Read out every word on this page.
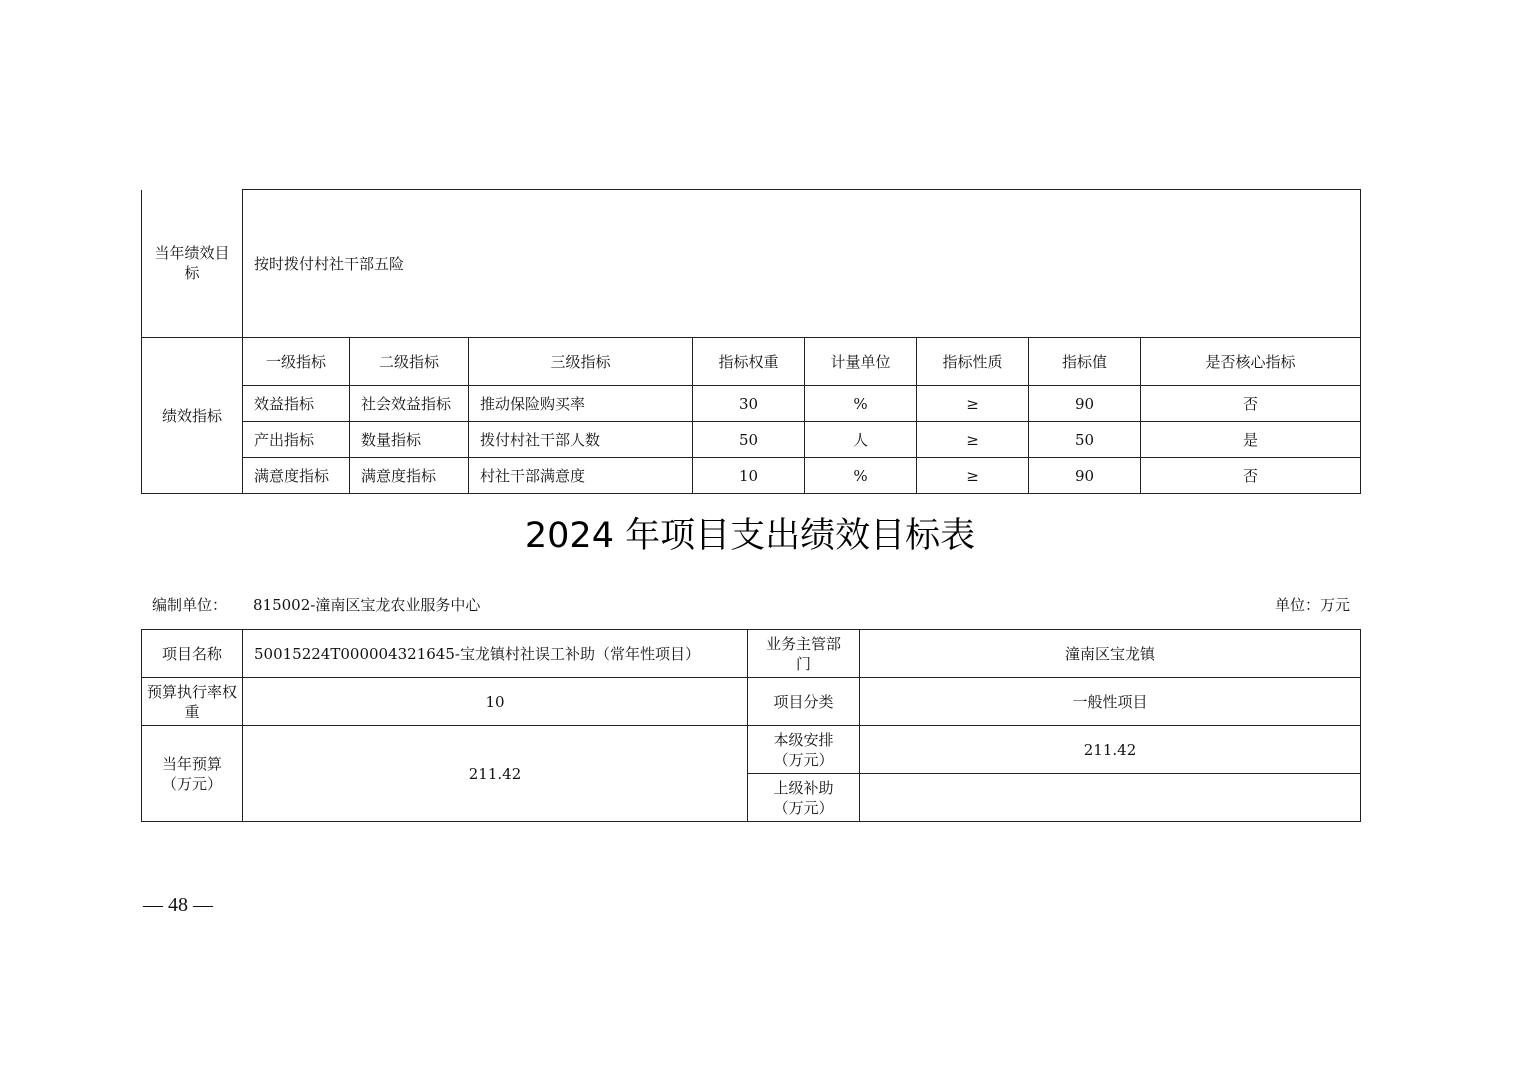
当年绩效目标	按时拨付村社干部五险							
绩效指标	一级指标	二级指标	三级指标	指标权重	计量单位	指标性质	指标值	是否核心指标
	效益指标	社会效益指标	推动保险购买率	30	%	≥	90	否
	产出指标	数量指标	拨付村社干部人数	50	人	≥	50	是
	满意度指标	满意度指标	村社干部满意度	10	%	≥	90	否
2024 年项目支出绩效目标表
编制单位： 815002-潼南区宝龙农业服务中心	单位：万元
项目名称	50015224T000004321645-宝龙镇村社误工补助（常年性项目）	业务主管部门	潼南区宝龙镇
预算执行率权重	10	项目分类	一般性项目
当年预算（万元）	211.42	本级安排（万元）	211.42
		上级补助（万元）	
— 48 —
